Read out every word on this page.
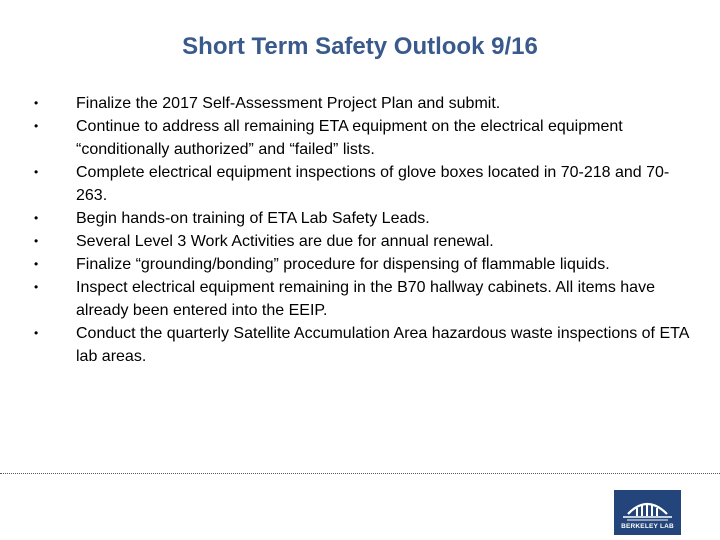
Short Term Safety Outlook 9/16
• Finalize the 2017 Self-Assessment Project Plan and submit.
• Continue to address all remaining ETA equipment on the electrical equipment “conditionally authorized” and “failed” lists.
• Complete electrical equipment inspections of glove boxes located in 70-218 and 70-263.
• Begin hands-on training of ETA Lab Safety Leads.
• Several Level 3 Work Activities are due for annual renewal.
• Finalize “grounding/bonding” procedure for dispensing of flammable liquids.
• Inspect electrical equipment remaining in the B70 hallway cabinets. All items have already been entered into the EEIP.
• Conduct the quarterly Satellite Accumulation Area hazardous waste inspections of ETA lab areas.
BERKELEY LAB
